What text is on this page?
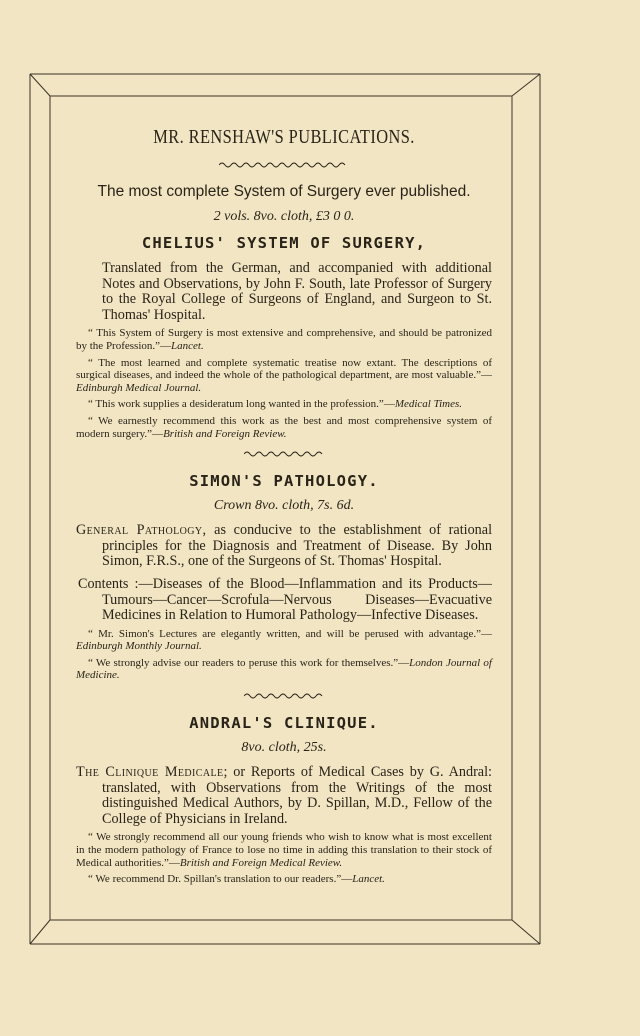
MR. RENSHAW'S PUBLICATIONS.
The most complete System of Surgery ever published.
2 vols. 8vo. cloth, £3 0 0.
CHELIUS' SYSTEM OF SURGERY,
Translated from the German, and accompanied with additional Notes and Observations, by John F. South, late Professor of Surgery to the Royal College of Surgeons of England, and Surgeon to St. Thomas' Hospital.
“ This System of Surgery is most extensive and comprehensive, and should be patronized by the Profession.”—Lancet.
“ The most learned and complete systematic treatise now extant. The descriptions of surgical diseases, and indeed the whole of the pathological department, are most valuable.”—Edinburgh Medical Journal.
“ This work supplies a desideratum long wanted in the profession.”—Medical Times.
“ We earnestly recommend this work as the best and most comprehensive system of modern surgery.”—British and Foreign Review.
SIMON'S PATHOLOGY.
Crown 8vo. cloth, 7s. 6d.
General Pathology, as conducive to the establishment of rational principles for the Diagnosis and Treatment of Disease. By John Simon, F.R.S., one of the Surgeons of St. Thomas' Hospital.
Contents :—Diseases of the Blood—Inflammation and its Products—Tumours—Cancer—Scrofula—Nervous Diseases—Evacuative Medicines in Relation to Humoral Pathology—Infective Diseases.
“ Mr. Simon's Lectures are elegantly written, and will be perused with advantage.”—Edinburgh Monthly Journal.
“ We strongly advise our readers to peruse this work for themselves.”—London Journal of Medicine.
ANDRAL'S CLINIQUE.
8vo. cloth, 25s.
The Clinique Medicale; or Reports of Medical Cases by G. Andral: translated, with Observations from the Writings of the most distinguished Medical Authors, by D. Spillan, M.D., Fellow of the College of Physicians in Ireland.
“ We strongly recommend all our young friends who wish to know what is most excellent in the modern pathology of France to lose no time in adding this translation to their stock of Medical authorities.”—British and Foreign Medical Review.
“ We recommend Dr. Spillan's translation to our readers.”—Lancet.
